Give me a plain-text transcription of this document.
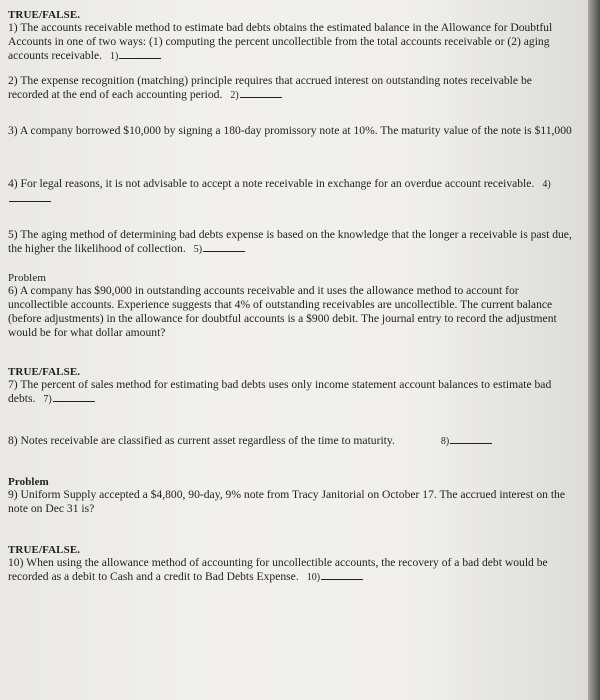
TRUE/FALSE.
1) The accounts receivable method to estimate bad debts obtains the estimated balance in the Allowance for Doubtful Accounts in one of two ways: (1) computing the percent uncollectible from the total accounts receivable or (2) aging accounts receivable. 1)
2) The expense recognition (matching) principle requires that accrued interest on outstanding notes receivable be recorded at the end of each accounting period. 2)
3) A company borrowed $10,000 by signing a 180-day promissory note at 10%. The maturity value of the note is $11,000
4) For legal reasons, it is not advisable to accept a note receivable in exchange for an overdue account receivable. 4)
5) The aging method of determining bad debts expense is based on the knowledge that the longer a receivable is past due, the higher the likelihood of collection. 5)
Problem
6) A company has $90,000 in outstanding accounts receivable and it uses the allowance method to account for uncollectible accounts. Experience suggests that 4% of outstanding receivables are uncollectible. The current balance (before adjustments) in the allowance for doubtful accounts is a $900 debit. The journal entry to record the adjustment would be for what dollar amount?
TRUE/FALSE.
7) The percent of sales method for estimating bad debts uses only income statement account balances to estimate bad debts. 7)
8) Notes receivable are classified as current asset regardless of the time to maturity.	8)
Problem
9) Uniform Supply accepted a $4,800, 90-day, 9% note from Tracy Janitorial on October 17. The accrued interest on the note on Dec 31 is?
TRUE/FALSE.
10) When using the allowance method of accounting for uncollectible accounts, the recovery of a bad debt would be recorded as a debit to Cash and a credit to Bad Debts Expense. 10)
